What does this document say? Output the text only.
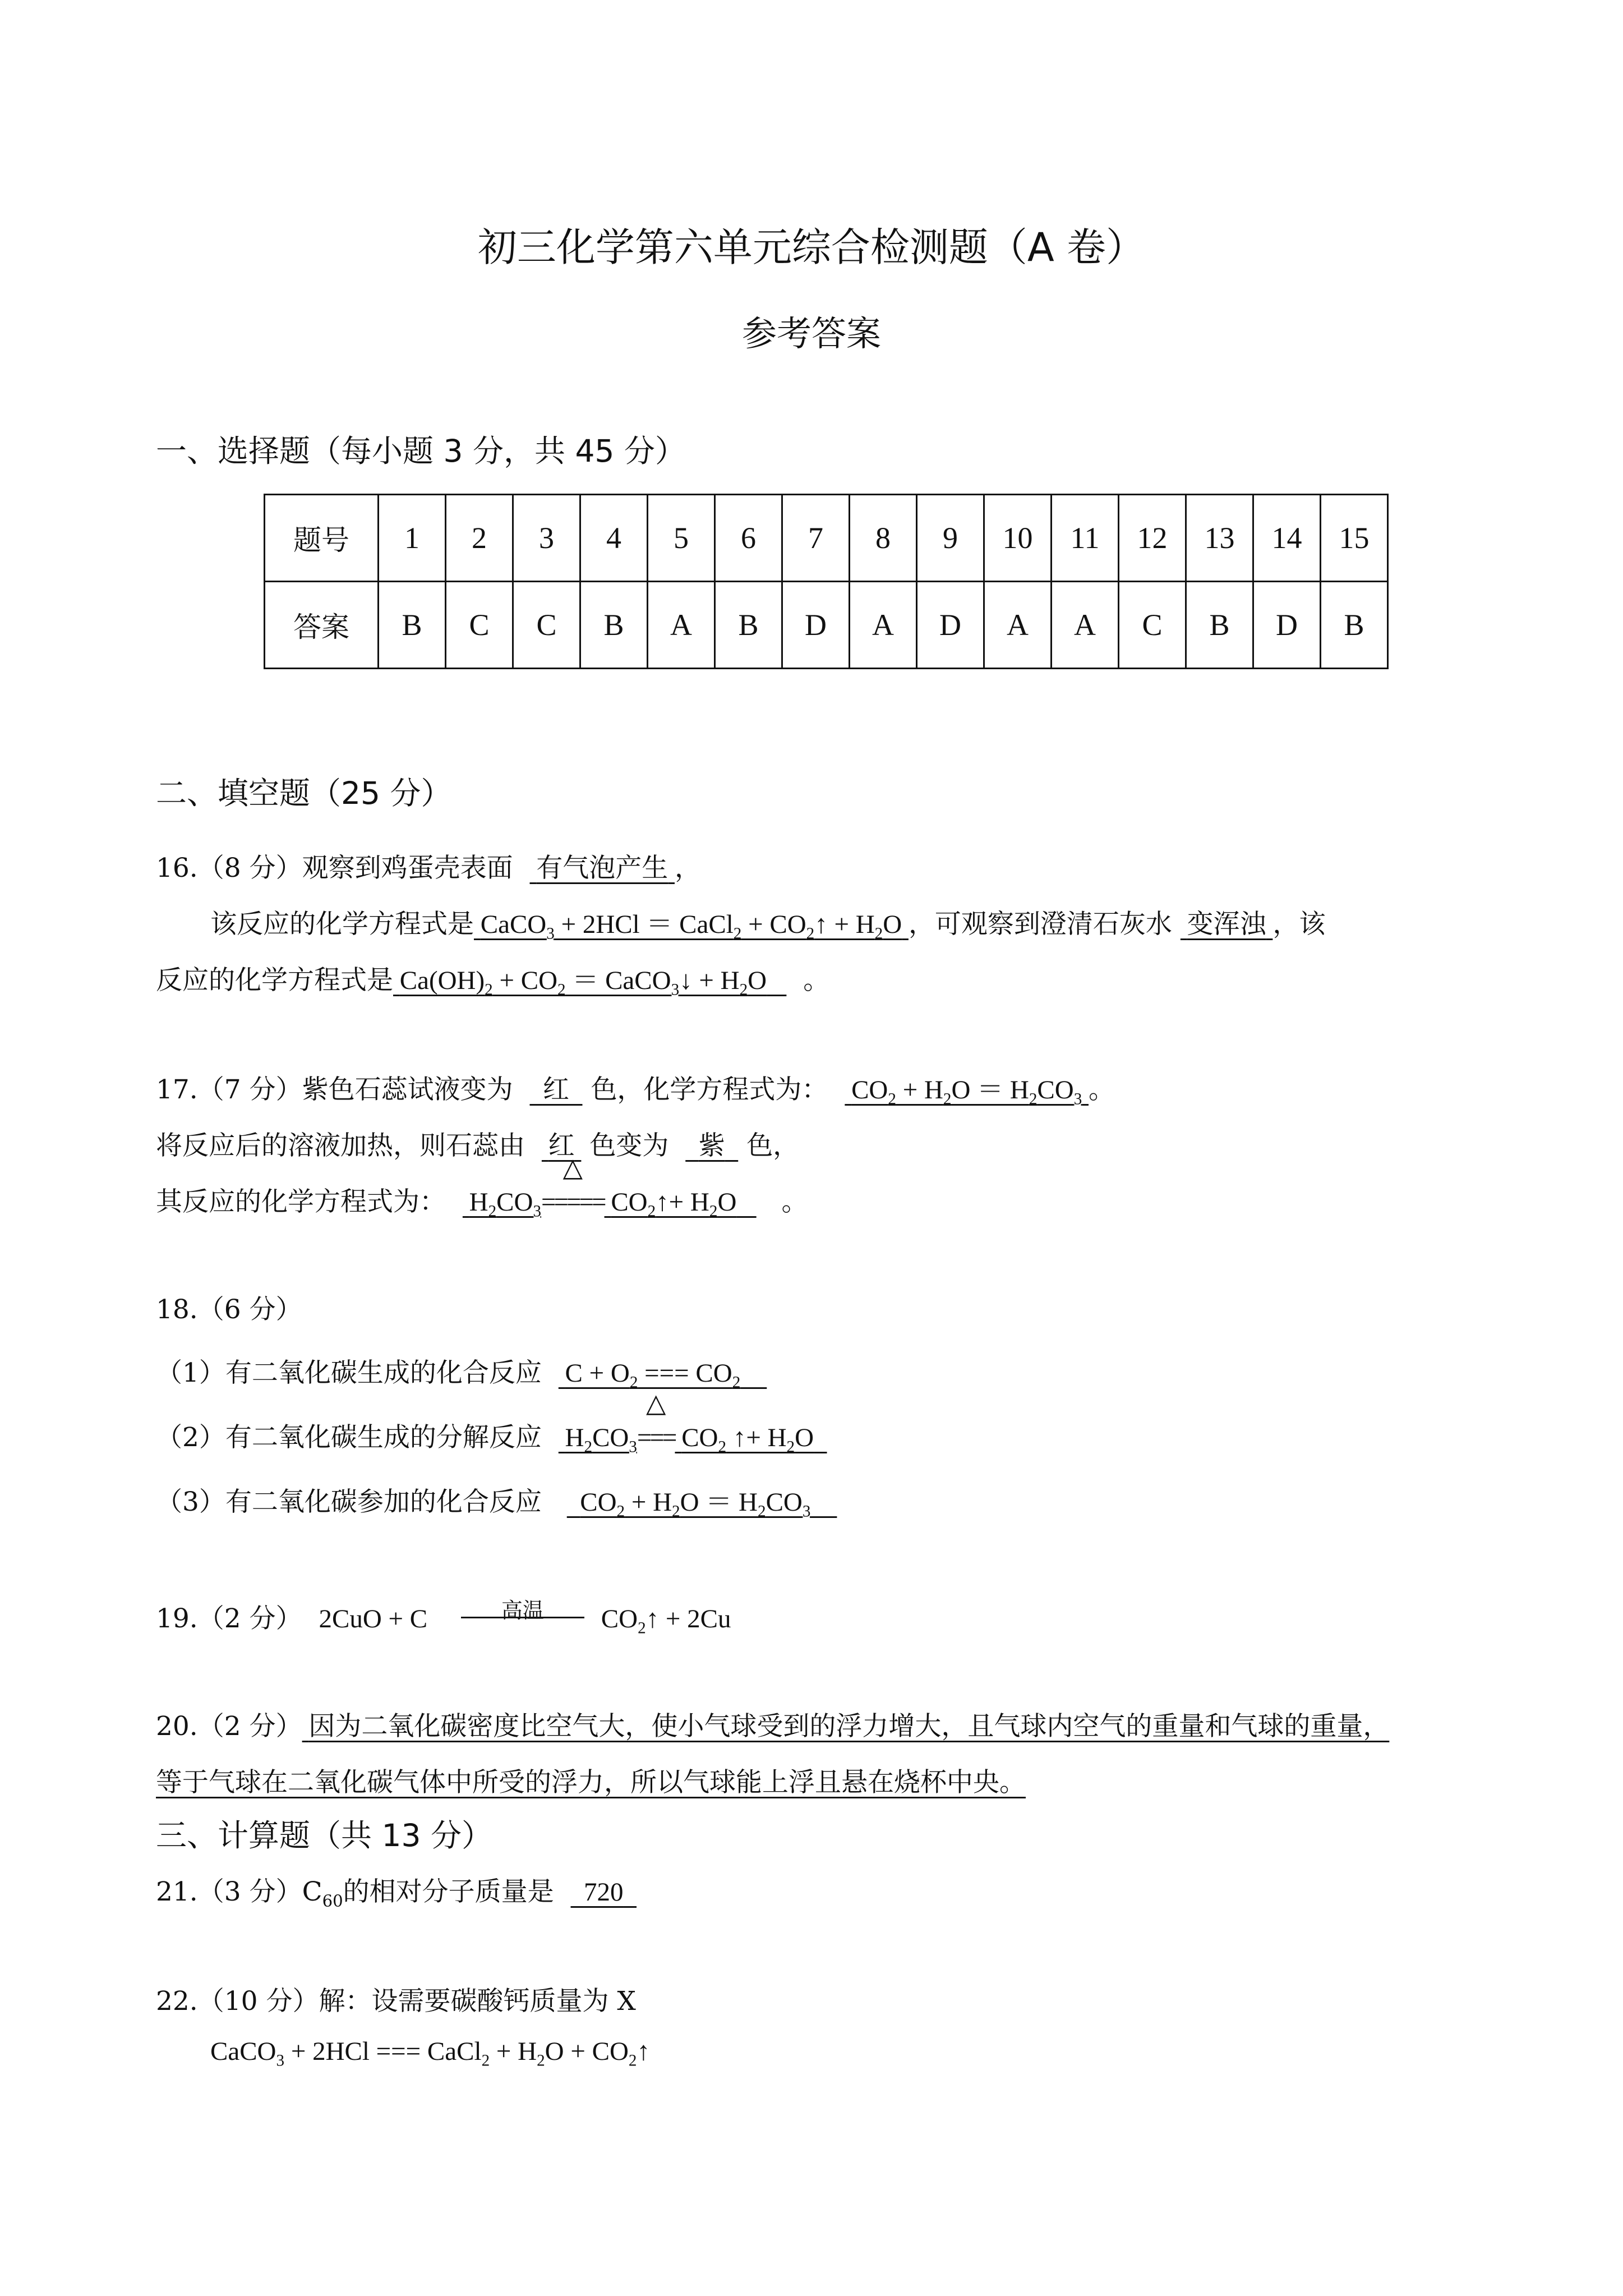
初三化学第六单元综合检测题（A 卷）
参考答案
一、选择题（每小题 3 分，共 45 分）
题号	1	2	3	4	5	6	7	8	9	10	11	12	13	14	15
答案	B	C	C	B	A	B	D	A	D	A	A	C	B	D	B
二、填空题（25 分）
16.（8 分）观察到鸡蛋壳表面 有气泡产生 ，
该反应的化学方程式是 CaCO$_3$ + 2HCl ＝ CaCl$_2$ + $CO_2↑ + H_2O$ ，可观察到澄清石灰水 变浑浊 ，该
反应的化学方程式是 $Ca(OH)_2 + CO_2$ ＝ CaCO$_3$↓ + $H_2O$ 。
17.（7 分）紫色石蕊试液变为 红 色，化学方程式为： $CO_2 + H_2O = H_2CO_3$ 。
将反应后的溶液加热，则石蕊由 红 色变为 紫 色，
其反应的化学方程式为： $H_2CO_3$
△
===== $CO_2↑+ H_2O$ 。
18.（6 分）
（1）有二氧化碳生成的化合反应 $C + O_2$ === $CO_2$
（2）有二氧化碳生成的分解反应 $H_2CO_3$
△
=== $CO_2$ ↑+ $H_2O$
（3）有二氧化碳参加的化合反应 $CO_2 + H_2O = H_2CO_3$
19.（2 分） 2CuO + C	高温	$CO_2↑ + 2Cu$
20.（2 分） 因为二氧化碳密度比空气大，使小气球受到的浮力增大，且气球内空气的重量和气球的重量，
等于气球在二氧化碳气体中所受的浮力，所以气球能上浮且悬在烧杯中央。
三、计算题（共 13 分）
21.（3 分）$C_{60}$的相对分子质量是 720
22.（10 分）解：设需要碳酸钙质量为 X
CaCO$_3$ + 2HCl === CaCl$_2$ + $H_2O$ + $CO_2↑$
